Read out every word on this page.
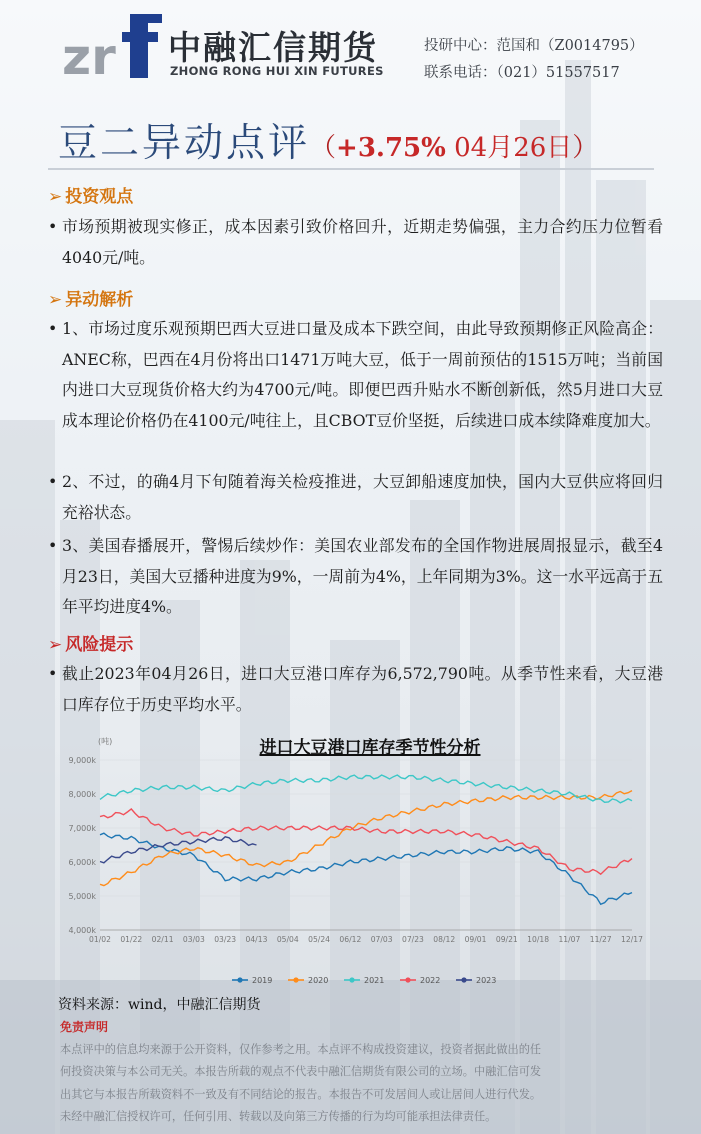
zr 中融汇信期货
ZHONG RONG HUI XIN FUTURES
投研中心：范国和（Z0014795）
联系电话：（021）51557517
豆二异动点评（+3.75% 04月26日）
➢ 投资观点
• 市场预期被现实修正，成本因素引致价格回升，近期走势偏强，主力合约压力位暂看4040元/吨。
➢ 异动解析
• 1、市场过度乐观预期巴西大豆进口量及成本下跌空间，由此导致预期修正风险高企：ANEC称，巴西在4月份将出口1471万吨大豆，低于一周前预估的1515万吨；当前国内进口大豆现货价格大约为4700元/吨。即便巴西升贴水不断创新低，然5月进口大豆成本理论价格仍在4100元/吨往上，且CBOT豆价坚挺，后续进口成本续降难度加大。
• 2、不过，的确4月下旬随着海关检疫推进，大豆卸船速度加快，国内大豆供应将回归充裕状态。
• 3、美国春播展开，警惕后续炒作：美国农业部发布的全国作物进展周报显示，截至4月23日，美国大豆播种进度为9%，一周前为4%，上年同期为3%。这一水平远高于五年平均进度4%。
➢ 风险提示
• 截止2023年04月26日，进口大豆港口库存为6,572,790吨。从季节性来看，大豆港口库存位于历史平均水平。
进口大豆港口库存季节性分析
(吨)
4,000k
5,000k
6,000k
7,000k
8,000k
9,000k
01/02 01/22 02/11 03/03 03/23 04/13 05/04 05/24 06/12 07/03 07/23 08/12 09/01 09/21 10/18 11/07 11/27 12/17
2019	2020	2021	2022	2023
资料来源：wind，中融汇信期货
免责声明
本点评中的信息均来源于公开资料，仅作参考之用。本点评不构成投资建议，投资者据此做出的任
何投资决策与本公司无关。本报告所载的观点不代表中融汇信期货有限公司的立场。中融汇信可发
出其它与本报告所载资料不一致及有不同结论的报告。本报告不可发居间人或让居间人进行代发。
未经中融汇信授权许可，任何引用、转载以及向第三方传播的行为均可能承担法律责任。
